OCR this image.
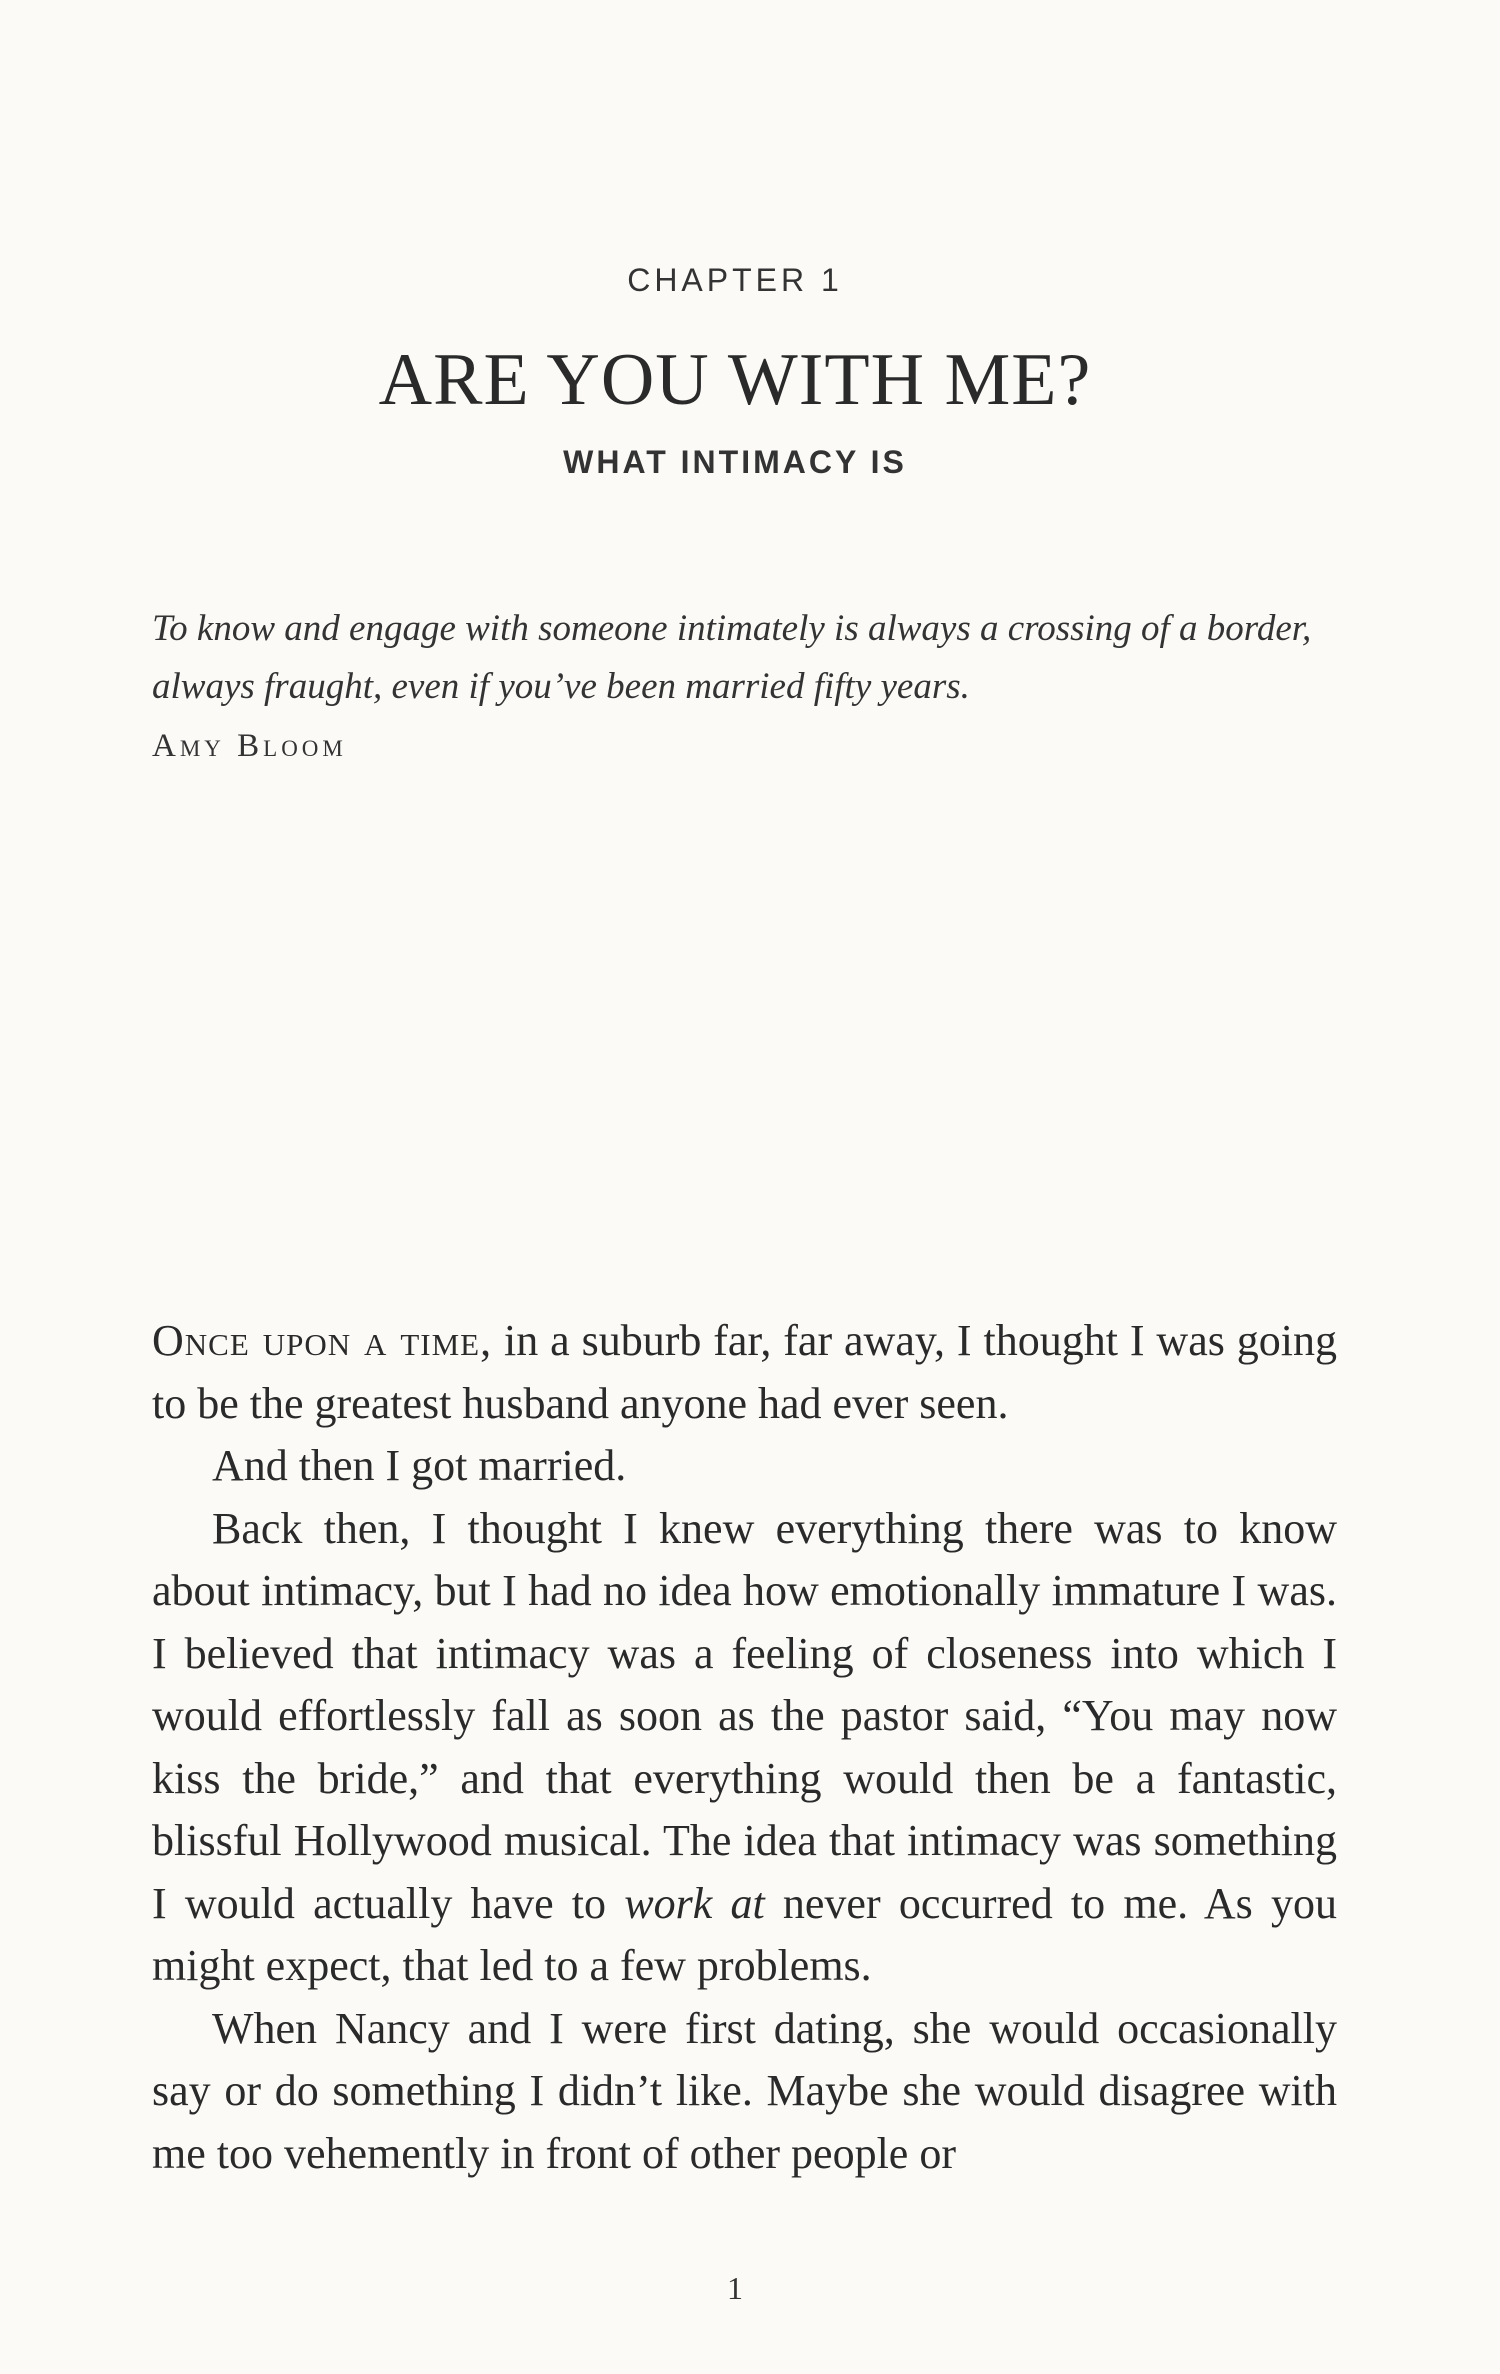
CHAPTER 1
ARE YOU WITH ME?
WHAT INTIMACY IS
To know and engage with someone intimately is always a crossing of a border, always fraught, even if you’ve been married fifty years.
Amy Bloom

Once upon a time, in a suburb far, far away, I thought I was going to be the greatest husband anyone had ever seen.

And then I got married.

Back then, I thought I knew everything there was to know about intimacy, but I had no idea how emotionally immature I was. I believed that intimacy was a feeling of closeness into which I would effortlessly fall as soon as the pastor said, “You may now kiss the bride,” and that everything would then be a fantastic, blissful Hollywood musical. The idea that intimacy was something I would actually have to work at never occurred to me. As you might expect, that led to a few problems.

When Nancy and I were first dating, she would occasionally say or do something I didn’t like. Maybe she would disagree with me too vehemently in front of other people or

1
